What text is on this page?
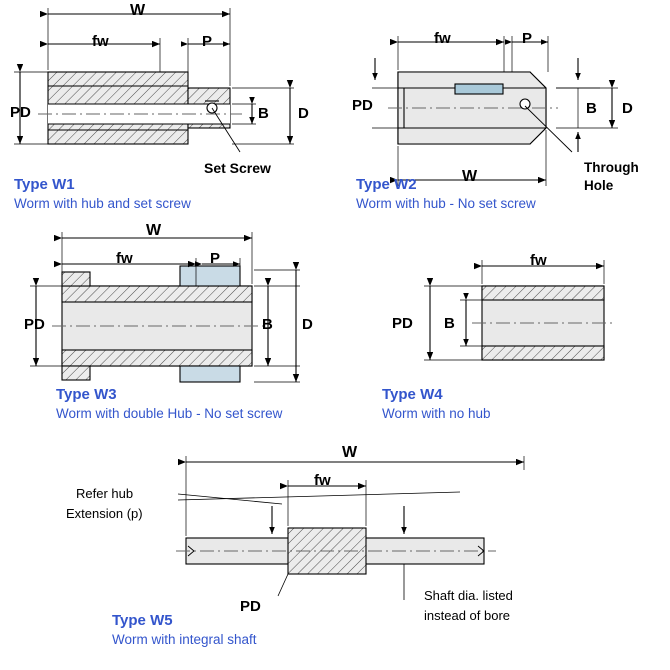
W
fw	P
PD	B D
Set Screw
Type W1
Worm with hub and set screw
fw	P
PD	B D
W
Through
Hole
Type W2
Worm with hub - No set screw
W
fw	P
PD	B D
Type W3
Worm with double Hub - No set screw
fw
PD B
Type W4
Worm with no hub
W
fw
Refer hub
Extension (p)
PD
Shaft dia. listed
instead of bore
Type W5
Worm with integral shaft
